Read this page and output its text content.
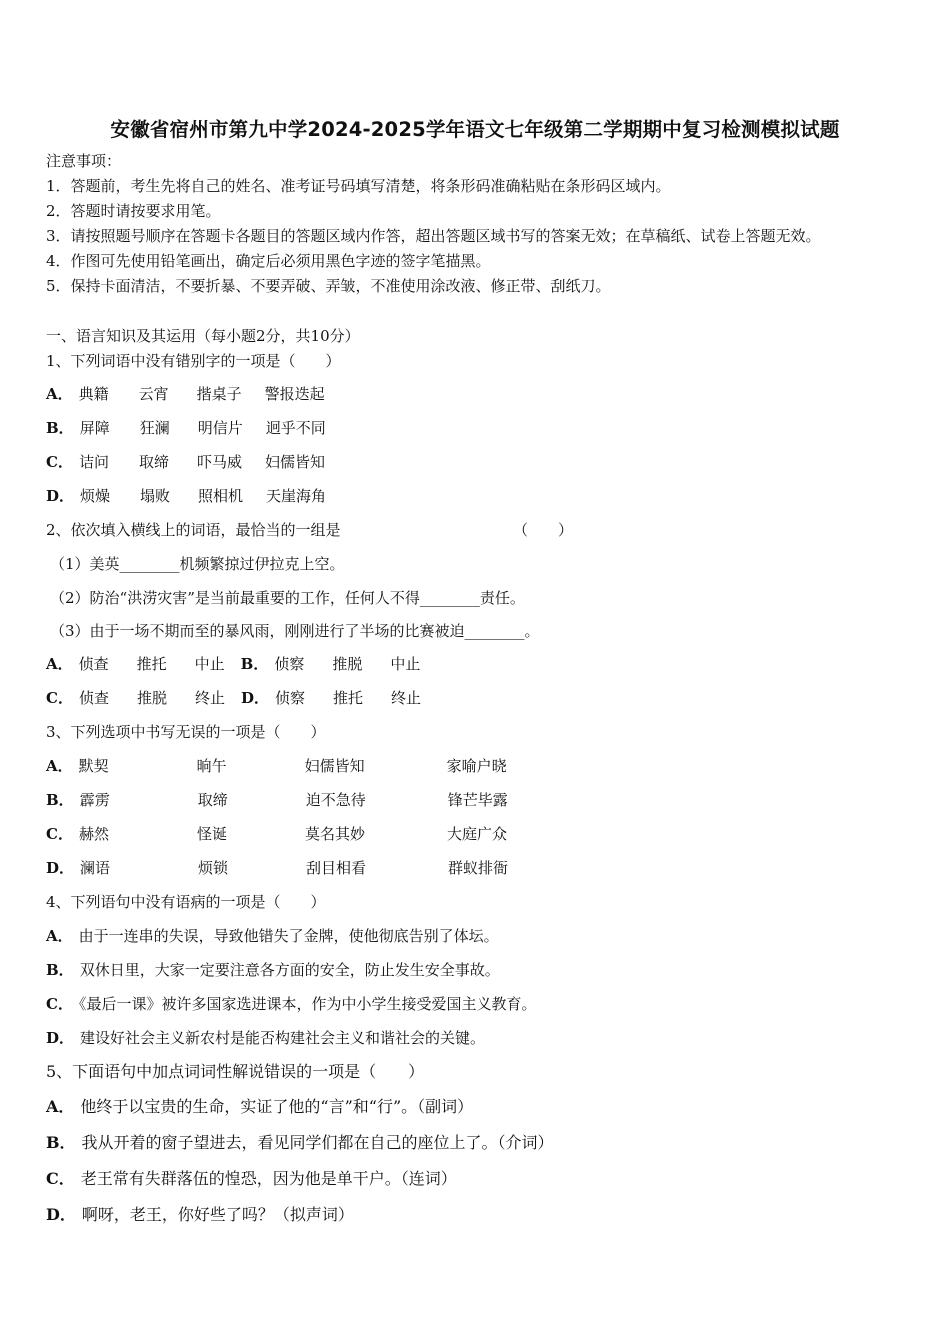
安徽省宿州市第九中学2024-2025学年语文七年级第二学期期中复习检测模拟试题
注意事项：
1．答题前，考生先将自己的姓名、准考证号码填写清楚，将条形码准确粘贴在条形码区域内。
2．答题时请按要求用笔。
3．请按照题号顺序在答题卡各题目的答题区域内作答，超出答题区域书写的答案无效；在草稿纸、试卷上答题无效。
4．作图可先使用铅笔画出，确定后必须用黑色字迹的签字笔描黑。
5．保持卡面清洁，不要折暴、不要弄破、弄皱，不准使用涂改液、修正带、刮纸刀。
一、语言知识及其运用（每小题2分，共10分）
1、下列词语中没有错别字的一项是（　　）
A． 典籍 云宵 揩桌子 警报迭起
B． 屏障 狂澜 明信片 迥乎不同
C． 诘问 取缔 吓马威 妇儒皆知
D． 烦燥 塌败 照相机 天崖海角
2、依次填入横线上的词语，最恰当的一组是	（　　）
（1）美英________机频繁掠过伊拉克上空。
（2）防治“洪涝灾害”是当前最重要的工作，任何人不得________责任。
（3）由于一场不期而至的暴风雨，刚刚进行了半场的比赛被迫________。
A． 侦查 推托 中止 B． 侦察 推脱 中止
C． 侦查 推脱 终止 D． 侦察 推托 终止
3、下列选项中书写无误的一项是（　　）
A． 默契	晌午	妇儒皆知	家喻户晓
B． 霹雳	取缔	迫不急待	锋芒毕露
C． 赫然	怪诞	莫名其妙	大庭广众
D． 澜语	烦锁	刮目相看	群蚁排衙
4、下列语句中没有语病的一项是（　　）
A． 由于一连串的失误，导致他错失了金牌，使他彻底告别了体坛。
B． 双休日里，大家一定要注意各方面的安全，防止发生安全事故。
C． 《最后一课》被许多国家选进课本，作为中小学生接受爱国主义教育。
D． 建设好社会主义新农村是能否构建社会主义和谐社会的关键。
5、下面语句中加点词词性解说错误的一项是（　　）
A． 他终于以宝贵的生命，实证了他的“言”和“行”。（副词）
B． 我从开着的窗子望进去，看见同学们都在自己的座位上了。（介词）
C． 老王常有失群落伍的惶恐，因为他是单干户。（连词）
D． 啊呀，老王，你好些了吗？（拟声词）
